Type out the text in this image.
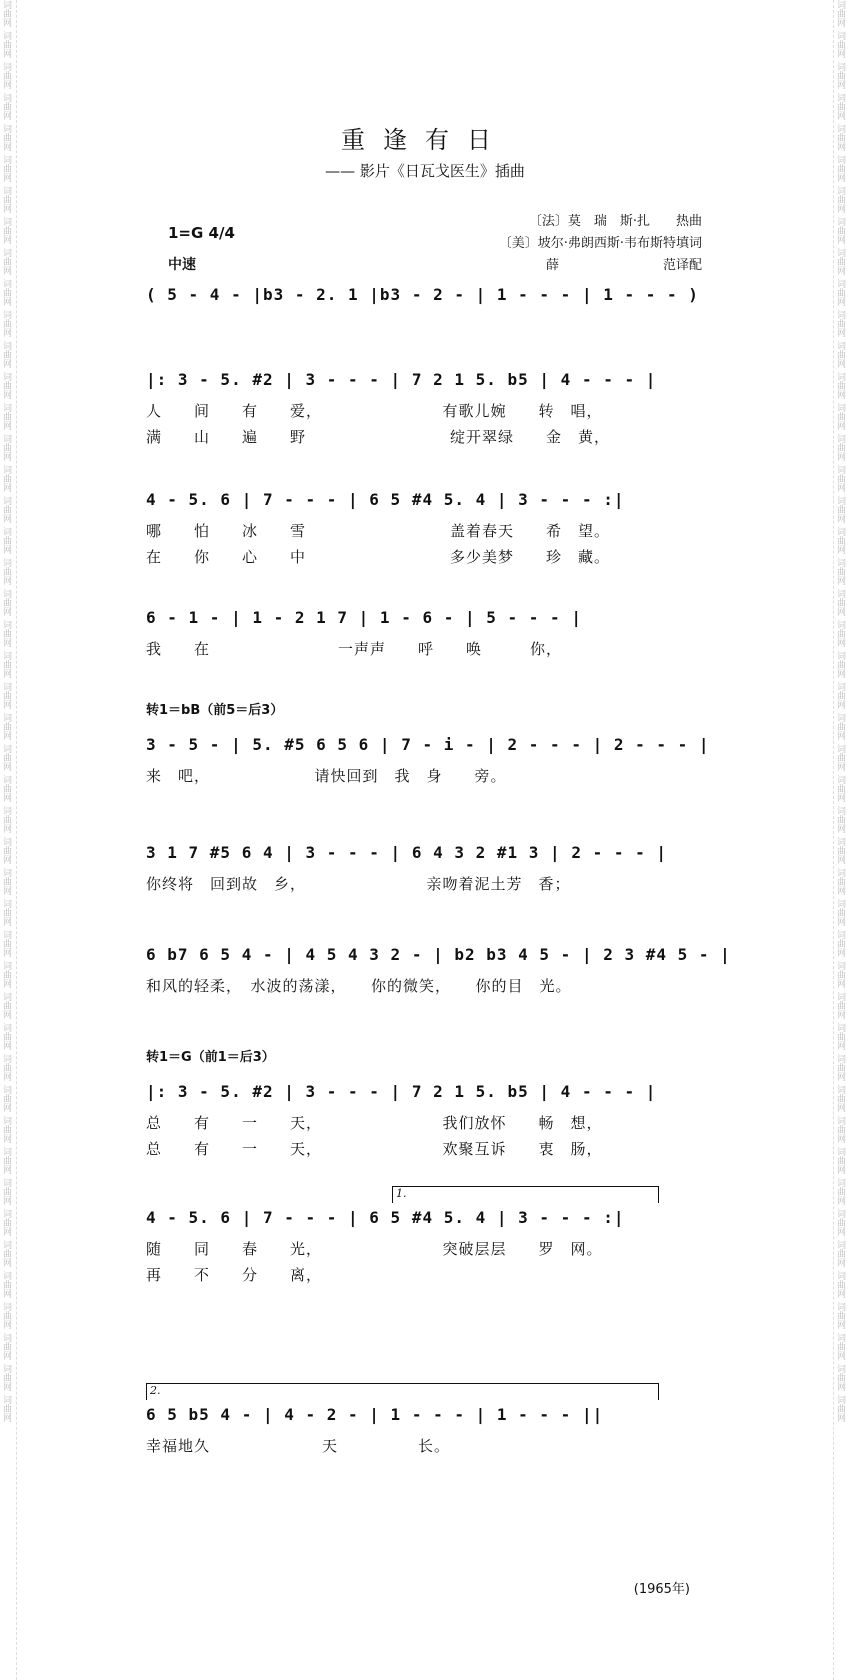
词曲网
词曲网
词曲网
词曲网
词曲网
词曲网
词曲网
词曲网
词曲网
词曲网
词曲网
词曲网
词曲网
词曲网
词曲网
词曲网
词曲网
词曲网
词曲网
词曲网
词曲网
词曲网
词曲网
词曲网
词曲网
词曲网
词曲网
词曲网
词曲网
词曲网
词曲网
词曲网
词曲网
词曲网
词曲网
词曲网
词曲网
词曲网
词曲网
词曲网
词曲网
词曲网
词曲网
词曲网
词曲网
词曲网
词曲网
词曲网
词曲网
词曲网
词曲网
词曲网
词曲网
词曲网
词曲网
词曲网
词曲网
词曲网
词曲网
词曲网
词曲网
词曲网
词曲网
词曲网
词曲网
词曲网
词曲网
词曲网
词曲网
词曲网
词曲网
词曲网
词曲网
词曲网
词曲网
词曲网
词曲网
词曲网
词曲网
词曲网
词曲网
词曲网
词曲网
词曲网
词曲网
词曲网
词曲网
词曲网
词曲网
词曲网
词曲网
词曲网
重逢有日
—— 影片《日瓦戈医生》插曲
1=G 4/4
中速
〔法〕莫　瑞　斯·扎　　热曲
〔美〕坡尔·弗朗西斯·韦布斯特填词
薛　　　　　　　　范译配
( 5 - 4 - |b3 - 2. 1 |b3 - 2 - | 1 - - - | 1 - - - )
|: 3 - 5. #2 | 3 - - - | 7 2 1 5. b5 | 4 - - - |
人　　间　　有　　爱，　　　　　　　　有歌儿婉　　转　唱，
满　　山　　遍　　野　　　　　　　　　绽开翠绿　　金　黄，
4 - 5. 6 | 7 - - - | 6 5 #4 5. 4 | 3 - - - :|
哪　　怕　　冰　　雪　　　　　　　　　盖着春天　　希　望。
在　　你　　心　　中　　　　　　　　　多少美梦　　珍　藏。
6 - 1 - | 1 - 2 1 7 | 1 - 6 - | 5 - - - |
我　　在　　　　　　　　一声声　　呼　　唤　　　你，
转1＝bB（前5＝后3）
3 - 5 - | 5. #5 6 5 6 | 7 - i - | 2 - - - | 2 - - - |
来　吧，　　　　　　　请快回到　我　身　　旁。
3 1 7 #5 6 4 | 3 - - - | 6 4 3 2 #1 3 | 2 - - - |
你终将　回到故　乡，　　　　　　　　亲吻着泥土芳　香；
6 b7 6 5 4 - | 4 5 4 3 2 - | b2 b3 4 5 - | 2 3 #4 5 - |
和风的轻柔，　水波的荡漾，　　你的微笑，　　你的目　光。
转1＝G（前1＝后3）
|: 3 - 5. #2 | 3 - - - | 7 2 1 5. b5 | 4 - - - |
总　　有　　一　　天，　　　　　　　　我们放怀　　畅　想，
总　　有　　一　　天，　　　　　　　　欢聚互诉　　衷　肠，
1.
4 - 5. 6 | 7 - - - | 6 5 #4 5. 4 | 3 - - - :|
随　　同　　春　　光，　　　　　　　　突破层层　　罗　网。
再　　不　　分　　离，
2.
6 5 b5 4 - | 4 - 2 - | 1 - - - | 1 - - - ||
幸福地久　　　　　　　天　　　　　长。
(1965年)
